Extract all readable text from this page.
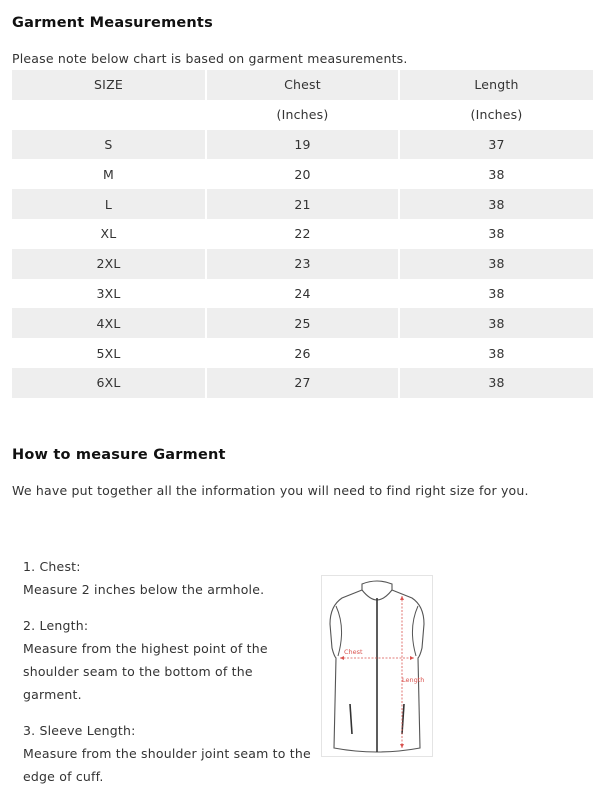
Garment Measurements
Please note below chart is based on garment measurements.
SIZE	Chest	Length
	(Inches)	(Inches)
S	19	37
M	20	38
L	21	38
XL	22	38
2XL	23	38
3XL	24	38
4XL	25	38
5XL	26	38
6XL	27	38
How to measure Garment
We have put together all the information you will need to find right size for you.
1. Chest:
Measure 2 inches below the armhole.
2. Length:
Measure from the highest point of the shoulder seam to the bottom of the garment.
3. Sleeve Length:
Measure from the shoulder joint seam to the edge of cuff.
Chest
Length
